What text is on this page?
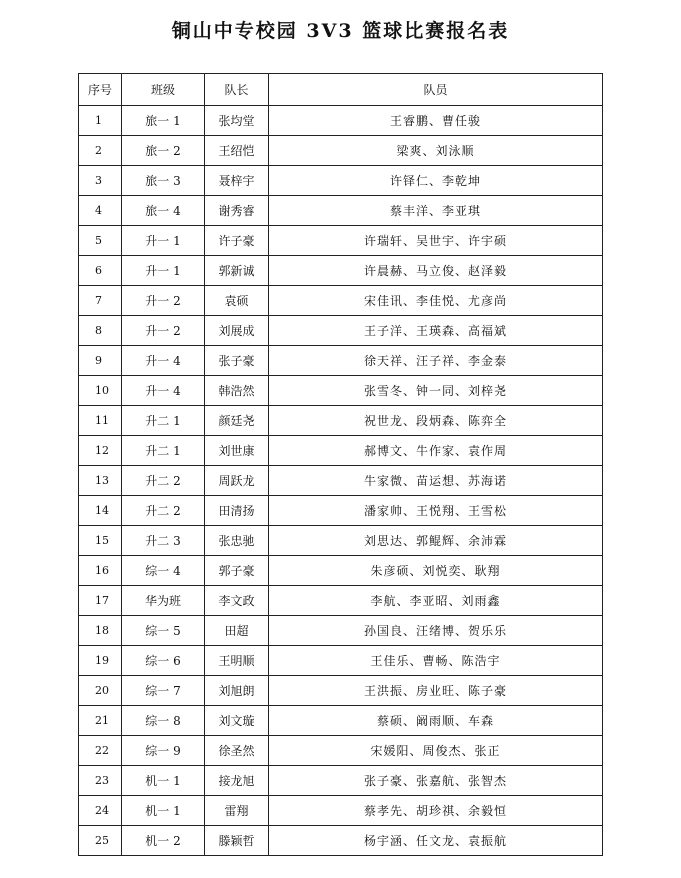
铜山中专校园 3V3 篮球比赛报名表
序号	班级	队长	队员
1	旅一 1	张均堂	王睿鹏、曹任骏
2	旅一 2	王绍恺	梁爽、刘泳顺
3	旅一 3	聂梓宇	许铎仁、李乾坤
4	旅一 4	谢秀睿	蔡丰洋、李亚琪
5	升一 1	许子豪	许瑞轩、吴世宇、许宇硕
6	升一 1	郭新诚	许晨赫、马立俊、赵泽毅
7	升一 2	袁硕	宋佳讯、李佳悦、尤彦尚
8	升一 2	刘展成	王子洋、王瑛森、高福斌
9	升一 4	张子豪	徐天祥、汪子祥、李金泰
10	升一 4	韩浩然	张雪冬、钟一同、刘梓尧
11	升二 1	颜廷尧	祝世龙、段炳森、陈弈全
12	升二 1	刘世康	郝博文、牛作家、袁作周
13	升二 2	周跃龙	牛家微、苗运想、苏海诺
14	升二 2	田清扬	潘家帅、王悦翔、王雪松
15	升二 3	张忠驰	刘思达、郭鲲辉、余沛霖
16	综一 4	郭子豪	朱彦硕、刘悦奕、耿翔
17	华为班	李文政	李航、李亚昭、刘雨鑫
18	综一 5	田超	孙国良、汪绪博、贺乐乐
19	综一 6	王明顺	王佳乐、曹畅、陈浩宇
20	综一 7	刘旭朗	王洪振、房业旺、陈子豪
21	综一 8	刘文璇	蔡硕、阚雨顺、车森
22	综一 9	徐圣然	宋媛阳、周俊杰、张正
23	机一 1	接龙旭	张子豪、张嘉航、张智杰
24	机一 1	雷翔	蔡孝先、胡珍祺、余毅恒
25	机一 2	滕颖哲	杨宇涵、任文龙、袁振航
